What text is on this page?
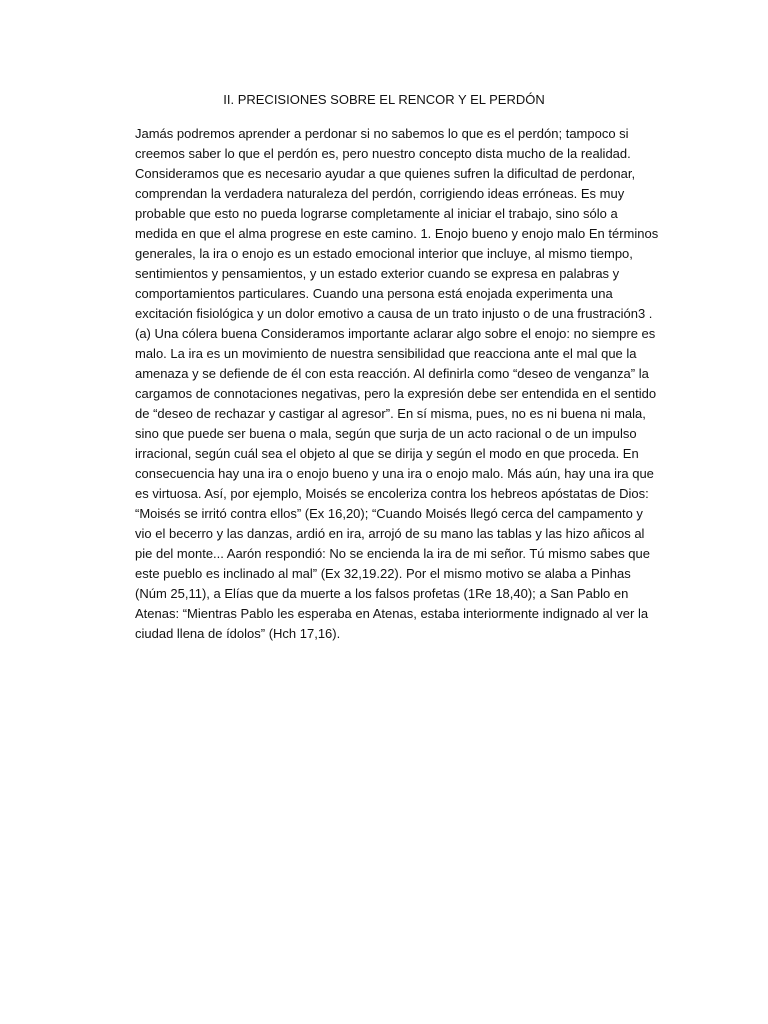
II. PRECISIONES SOBRE EL RENCOR Y EL PERDÓN

Jamás podremos aprender a perdonar si no sabemos lo que es el perdón; tampoco si creemos saber lo que el perdón es, pero nuestro concepto dista mucho de la realidad. Consideramos que es necesario ayudar a que quienes sufren la dificultad de perdonar, comprendan la verdadera naturaleza del perdón, corrigiendo ideas erróneas. Es muy probable que esto no pueda lograrse completamente al iniciar el trabajo, sino sólo a medida en que el alma progrese en este camino. 1. Enojo bueno y enojo malo En términos generales, la ira o enojo es un estado emocional interior que incluye, al mismo tiempo, sentimientos y pensamientos, y un estado exterior cuando se expresa en palabras y comportamientos particulares. Cuando una persona está enojada experimenta una excitación fisiológica y un dolor emotivo a causa de un trato injusto o de una frustración3 . (a) Una cólera buena Consideramos importante aclarar algo sobre el enojo: no siempre es malo. La ira es un movimiento de nuestra sensibilidad que reacciona ante el mal que la amenaza y se defiende de él con esta reacción. Al definirla como “deseo de venganza” la cargamos de connotaciones negativas, pero la expresión debe ser entendida en el sentido de “deseo de rechazar y castigar al agresor”. En sí misma, pues, no es ni buena ni mala, sino que puede ser buena o mala, según que surja de un acto racional o de un impulso irracional, según cuál sea el objeto al que se dirija y según el modo en que proceda. En consecuencia hay una ira o enojo bueno y una ira o enojo malo. Más aún, hay una ira que es virtuosa. Así, por ejemplo, Moisés se encoleriza contra los hebreos apóstatas de Dios: “Moisés se irritó contra ellos” (Ex 16,20); “Cuando Moisés llegó cerca del campamento y vio el becerro y las danzas, ardió en ira, arrojó de su mano las tablas y las hizo añicos al pie del monte... Aarón respondió: No se encienda la ira de mi señor. Tú mismo sabes que este pueblo es inclinado al mal” (Ex 32,19.22). Por el mismo motivo se alaba a Pinhas (Núm 25,11), a Elías que da muerte a los falsos profetas (1Re 18,40); a San Pablo en Atenas: “Mientras Pablo les esperaba en Atenas, estaba interiormente indignado al ver la ciudad llena de ídolos” (Hch 17,16).
